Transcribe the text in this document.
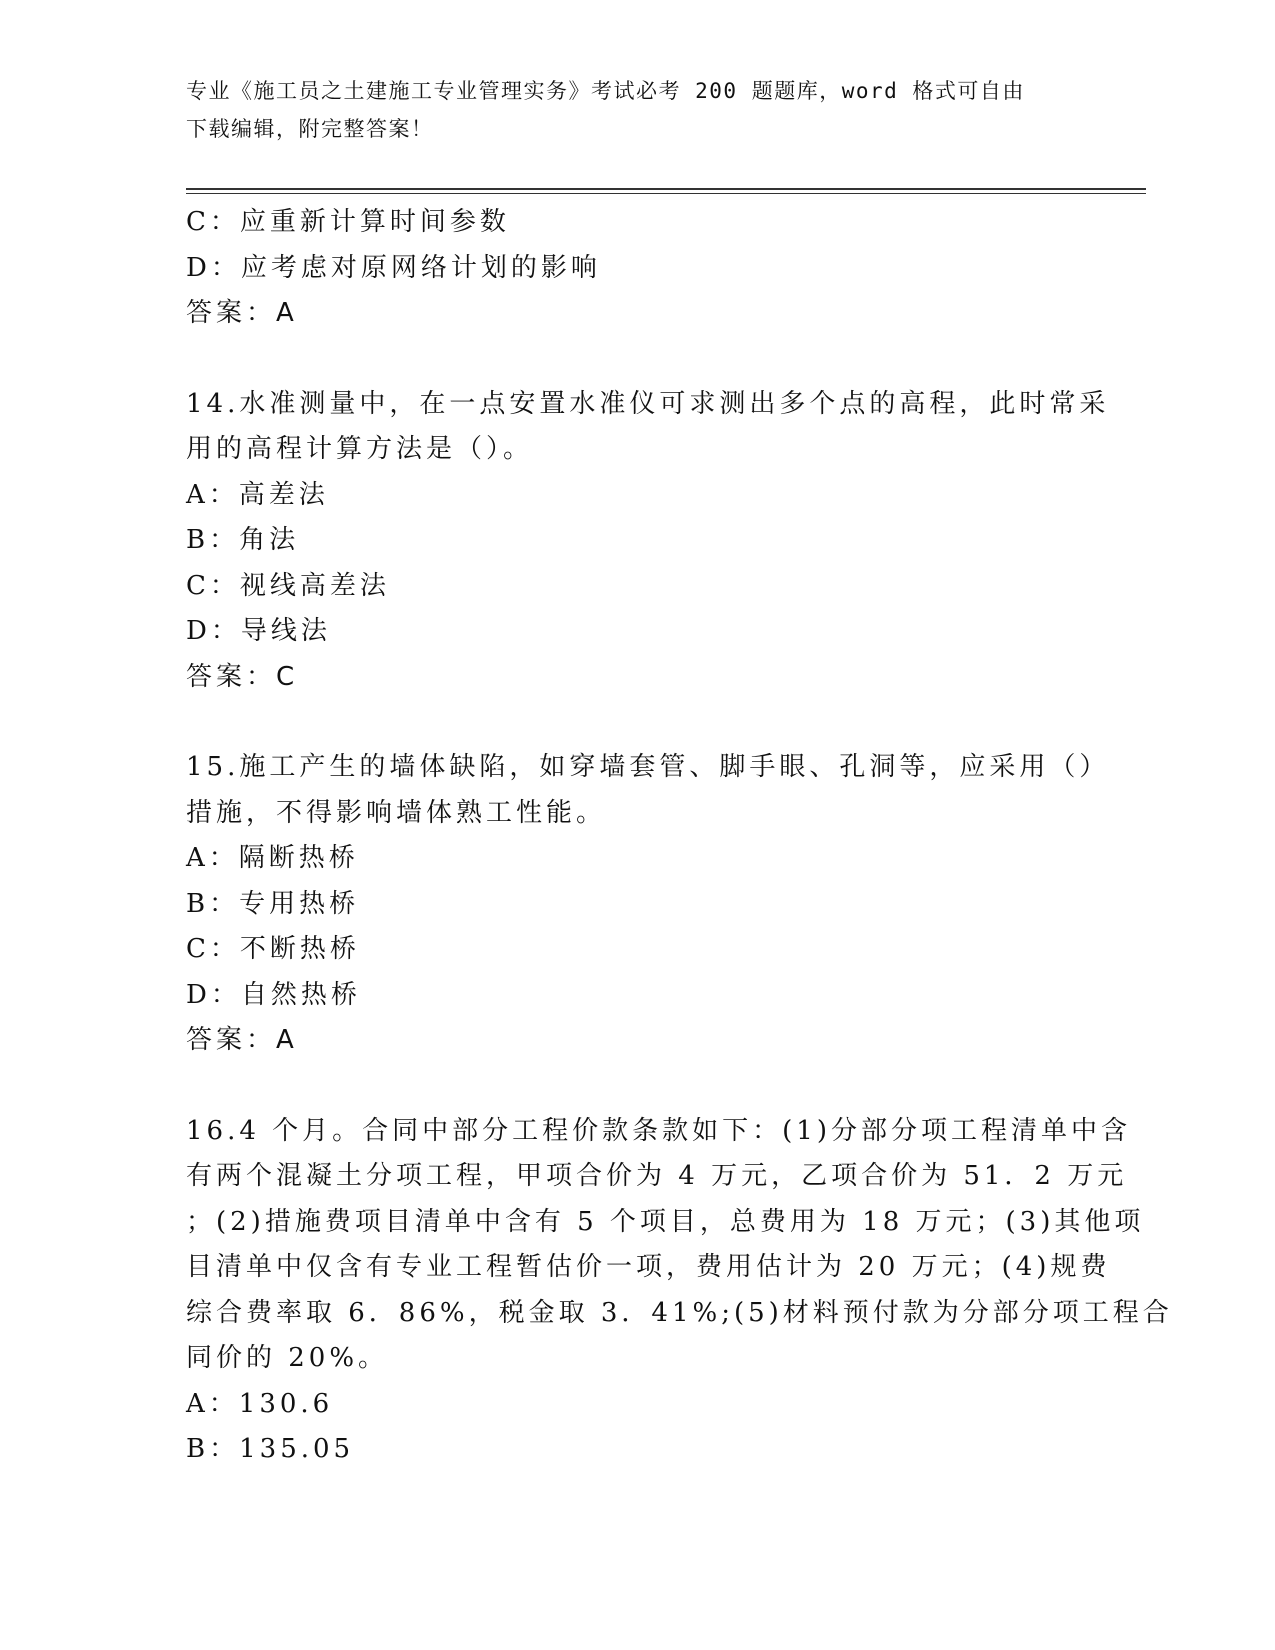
专业《施工员之土建施工专业管理实务》考试必考 200 题题库，word 格式可自由
下载编辑，附完整答案！
C：应重新计算时间参数
D：应考虑对原网络计划的影响
答案：A
14.水准测量中，在一点安置水准仪可求测出多个点的高程，此时常采
用的高程计算方法是（）。
A：高差法
B：角法
C：视线高差法
D：导线法
答案：C
15.施工产生的墙体缺陷，如穿墙套管、脚手眼、孔洞等，应采用（）
措施，不得影响墙体熟工性能。
A：隔断热桥
B：专用热桥
C：不断热桥
D：自然热桥
答案：A
16.4 个月。合同中部分工程价款条款如下：(1)分部分项工程清单中含
有两个混凝土分项工程，甲项合价为 4 万元，乙项合价为 51．2 万元
；(2)措施费项目清单中含有 5 个项目，总费用为 18 万元；(3)其他项
目清单中仅含有专业工程暂估价一项，费用估计为 20 万元；(4)规费
综合费率取 6．86%，税金取 3．41%;(5)材料预付款为分部分项工程合
同价的 20%。
A：130.6
B：135.05
